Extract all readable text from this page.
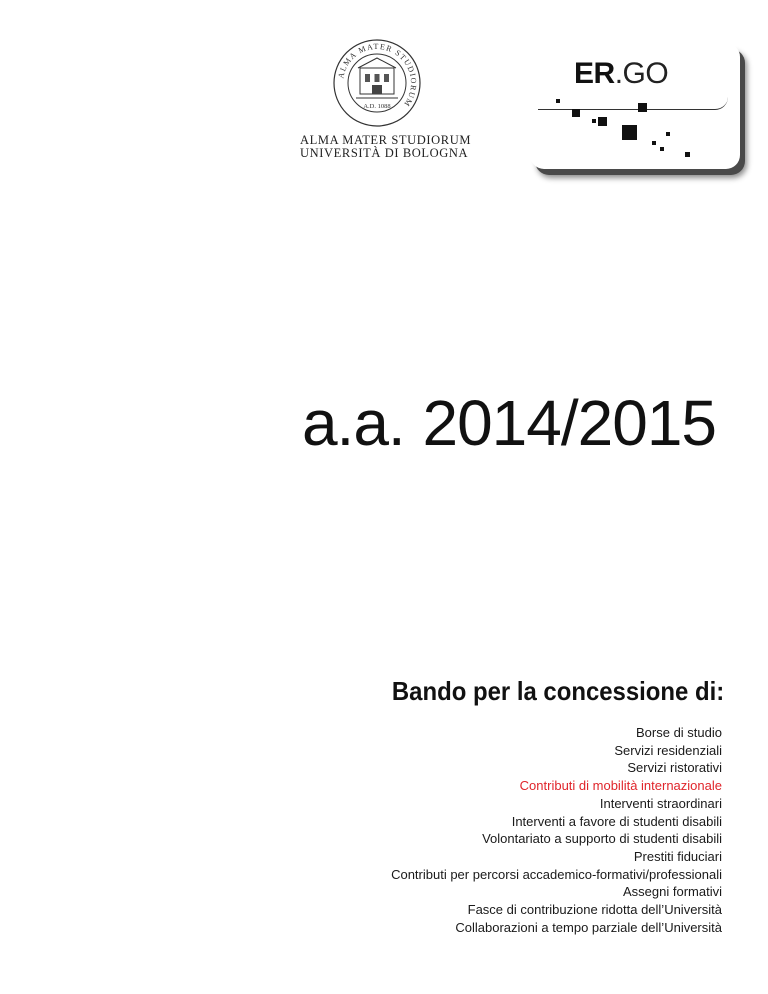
ALMA MATER STUDIORUM
A.D. 1088
ALMA MATER STUDIORUM
UNIVERSITÀ DI BOLOGNA
ER.GO
a.a. 2014/2015
Bando per la concessione di:
Borse di studio
Servizi residenziali
Servizi ristorativi
Contributi di mobilità internazionale
Interventi straordinari
Interventi a favore di studenti disabili
Volontariato a supporto di studenti disabili
Prestiti fiduciari
Contributi per percorsi accademico-formativi/professionali
Assegni formativi
Fasce di contribuzione ridotta dell’Università
Collaborazioni a tempo parziale dell’Università
